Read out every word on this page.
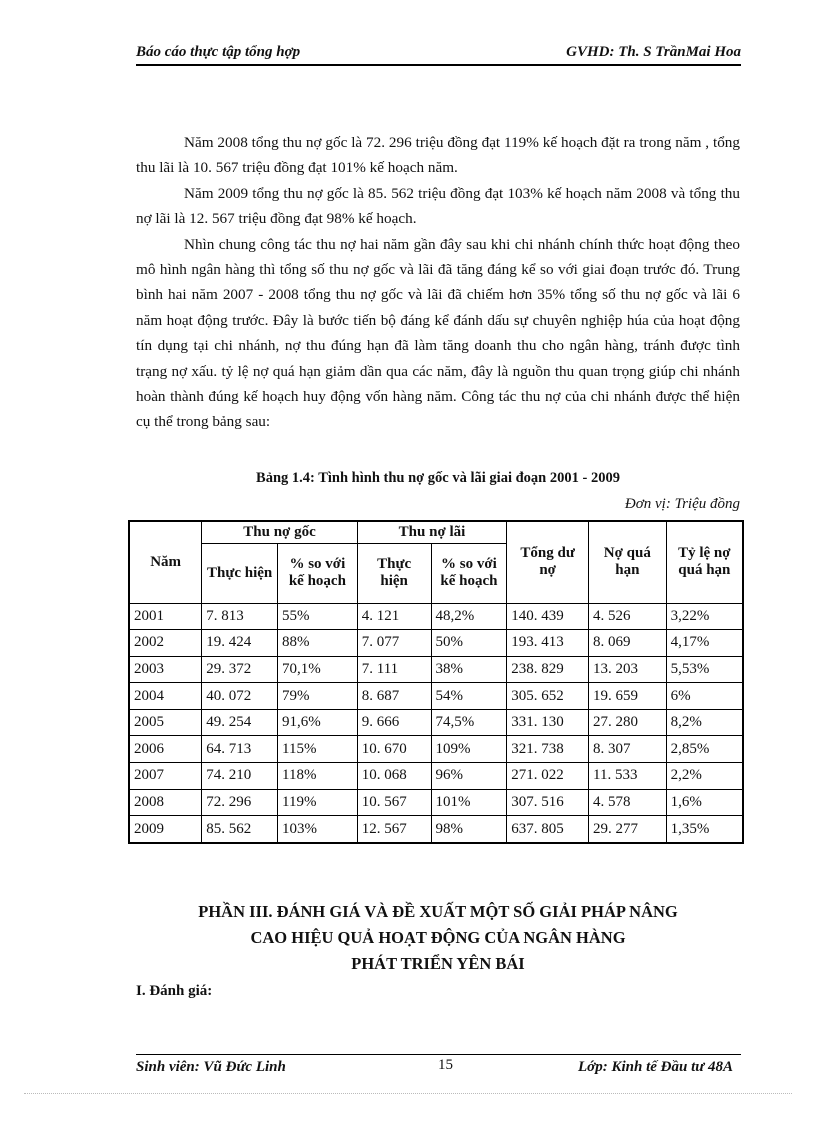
Báo cáo thực tập tổng hợp	GVHD: Th. S TrầnMai Hoa

Năm 2008 tổng thu nợ gốc là 72. 296 triệu đồng đạt 119% kế hoạch đặt ra trong năm , tổng thu lãi là 10. 567 triệu đồng đạt 101% kế hoạch năm.

Năm 2009 tổng thu nợ gốc là 85. 562 triệu đồng đạt 103% kế hoạch năm 2008 và tổng thu nợ lãi là 12. 567 triệu đồng đạt 98% kế hoạch.

Nhìn chung công tác thu nợ hai năm gần đây sau khi chi nhánh chính thức hoạt động theo mô hình ngân hàng thì tổng số thu nợ gốc và lãi đã tăng đáng kể so với giai đoạn trước đó. Trung bình hai năm 2007 - 2008 tổng thu nợ gốc và lãi đã chiếm hơn 35% tổng số thu nợ gốc và lãi 6 năm hoạt động trước. Đây là bước tiến bộ đáng kể đánh dấu sự chuyên nghiệp húa của hoạt động tín dụng tại chi nhánh, nợ thu đúng hạn đã làm tăng doanh thu cho ngân hàng, tránh được tình trạng nợ xấu. tỷ lệ nợ quá hạn giảm dần qua các năm, đây là nguồn thu quan trọng giúp chi nhánh hoàn thành đúng kế hoạch huy động vốn hàng năm. Công tác thu nợ của chi nhánh được thể hiện cụ thể trong bảng sau:

Bảng 1.4: Tình hình thu nợ gốc và lãi giai đoạn 2001 - 2009
Đơn vị: Triệu đồng
Năm	Thu nợ gốc		Thu nợ lãi		Tổng dư nợ	Nợ quá hạn	Tỷ lệ nợ quá hạn
	Thực hiện	% so với kế hoạch	Thực hiện	% so với kế hoạch			
2001	7. 813	55%	4. 121	48,2%	140. 439	4. 526	3,22%
2002	19. 424	88%	7. 077	50%	193. 413	8. 069	4,17%
2003	29. 372	70,1%	7. 111	38%	238. 829	13. 203	5,53%
2004	40. 072	79%	8. 687	54%	305. 652	19. 659	6%
2005	49. 254	91,6%	9. 666	74,5%	331. 130	27. 280	8,2%
2006	64. 713	115%	10. 670	109%	321. 738	8. 307	2,85%
2007	74. 210	118%	10. 068	96%	271. 022	11. 533	2,2%
2008	72. 296	119%	10. 567	101%	307. 516	4. 578	1,6%
2009	85. 562	103%	12. 567	98%	637. 805	29. 277	1,35%
PHẦN III. ĐÁNH GIÁ VÀ ĐỀ XUẤT MỘT SỐ GIẢI PHÁP NÂNG
CAO HIỆU QUẢ HOẠT ĐỘNG CỦA NGÂN HÀNG
PHÁT TRIỂN YÊN BÁI
I. Đánh giá:
Sinh viên: Vũ Đức Linh	15	Lớp: Kinh tế Đầu tư 48A
